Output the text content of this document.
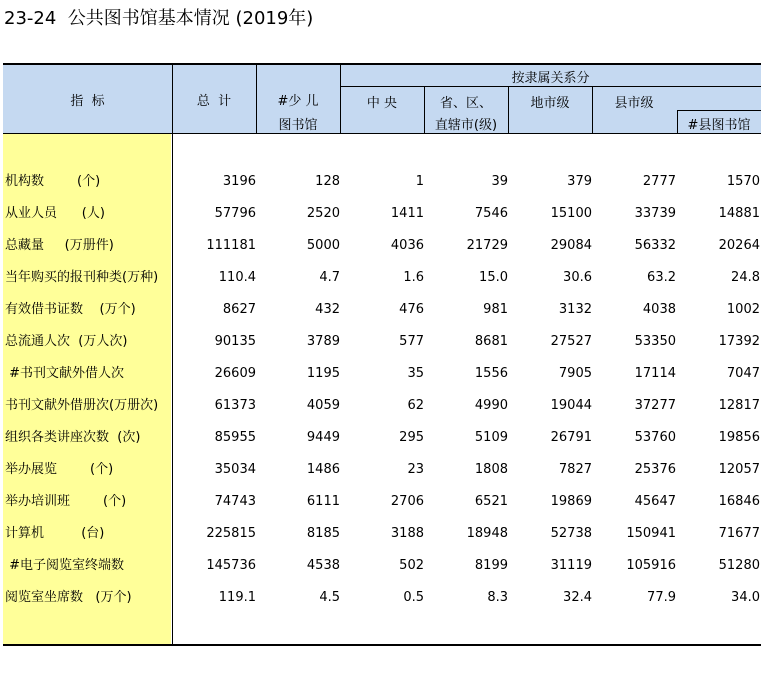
23-24  公共图书馆基本情况 (2019年)
指  标	总  计	#少 儿
图书馆
按隶属关系分
中 央	省、区、
直辖市(级)
地市级	县市级
#县图书馆
机构数        (个)	3196	128	1	39	379	2777	1570
从业人员      (人)	57796	2520	1411	7546	15100	33739	14881
总藏量     (万册件)	111181	5000	4036	21729	29084	56332	20264
当年购买的报刊种类(万种)	110.4	4.7	1.6	15.0	30.6	63.2	24.8
有效借书证数    (万个)	8627	432	476	981	3132	4038	1002
总流通人次  (万人次)	90135	3789	577	8681	27527	53350	17392
#书刊文献外借人次	26609	1195	35	1556	7905	17114	7047
书刊文献外借册次(万册次)	61373	4059	62	4990	19044	37277	12817
组织各类讲座次数  (次)	85955	9449	295	5109	26791	53760	19856
举办展览        (个)	35034	1486	23	1808	7827	25376	12057
举办培训班        (个)	74743	6111	2706	6521	19869	45647	16846
计算机         (台)	225815	8185	3188	18948	52738	150941	71677
#电子阅览室终端数	145736	4538	502	8199	31119	105916	51280
阅览室坐席数   (万个)	119.1	4.5	0.5	8.3	32.4	77.9	34.0
